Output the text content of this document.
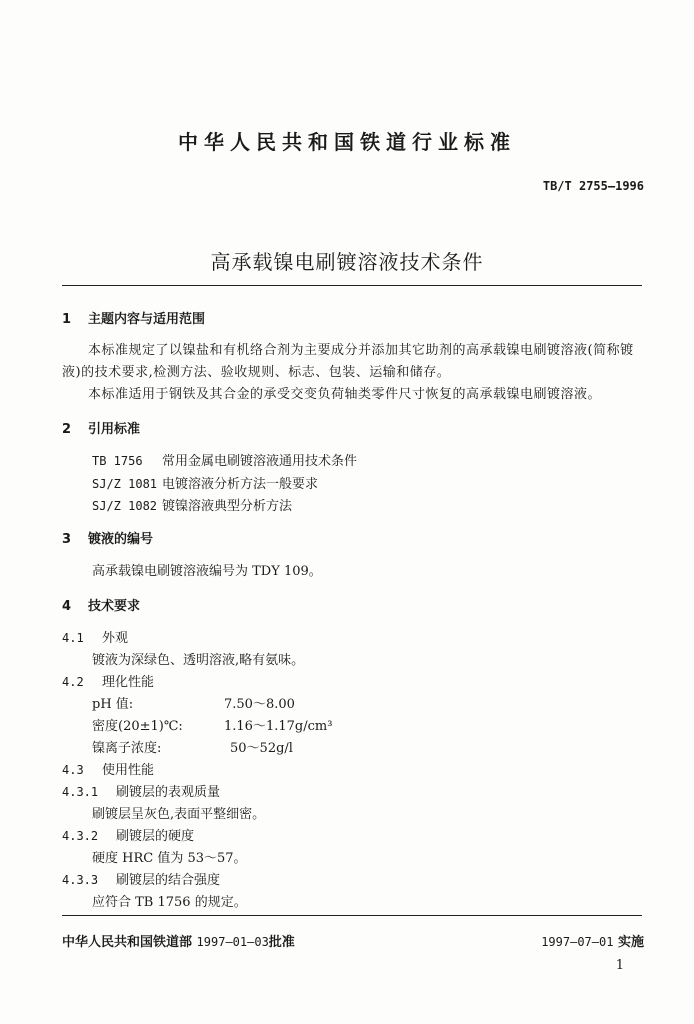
中华人民共和国铁道行业标准
TB/T 2755—1996
高承载镍电刷镀溶液技术条件
1 主题内容与适用范围
本标准规定了以镍盐和有机络合剂为主要成分并添加其它助剂的高承载镍电刷镀溶液(简称镀液)的技术要求,检测方法、验收规则、标志、包装、运输和储存。
本标准适用于钢铁及其合金的承受交变负荷轴类零件尺寸恢复的高承载镍电刷镀溶液。
2 引用标准
TB 1756 常用金属电刷镀溶液通用技术条件
SJ/Z 1081 电镀溶液分析方法一般要求
SJ/Z 1082 镀镍溶液典型分析方法
3 镀液的编号
高承载镍电刷镀溶液编号为 TDY 109。
4 技术要求
4.1 外观
镀液为深绿色、透明溶液,略有氨味。
4.2 理化性能
pH 值:	7.50～8.00
密度(20±1)℃:	1.16～1.17g/cm³
镍离子浓度:	50～52g/l
4.3 使用性能
4.3.1 刷镀层的表观质量
刷镀层呈灰色,表面平整细密。
4.3.2 刷镀层的硬度
硬度 HRC 值为 53～57。
4.3.3 刷镀层的结合强度
应符合 TB 1756 的规定。
中华人民共和国铁道部 1997—01—03批准	1997—07—01 实施
1
